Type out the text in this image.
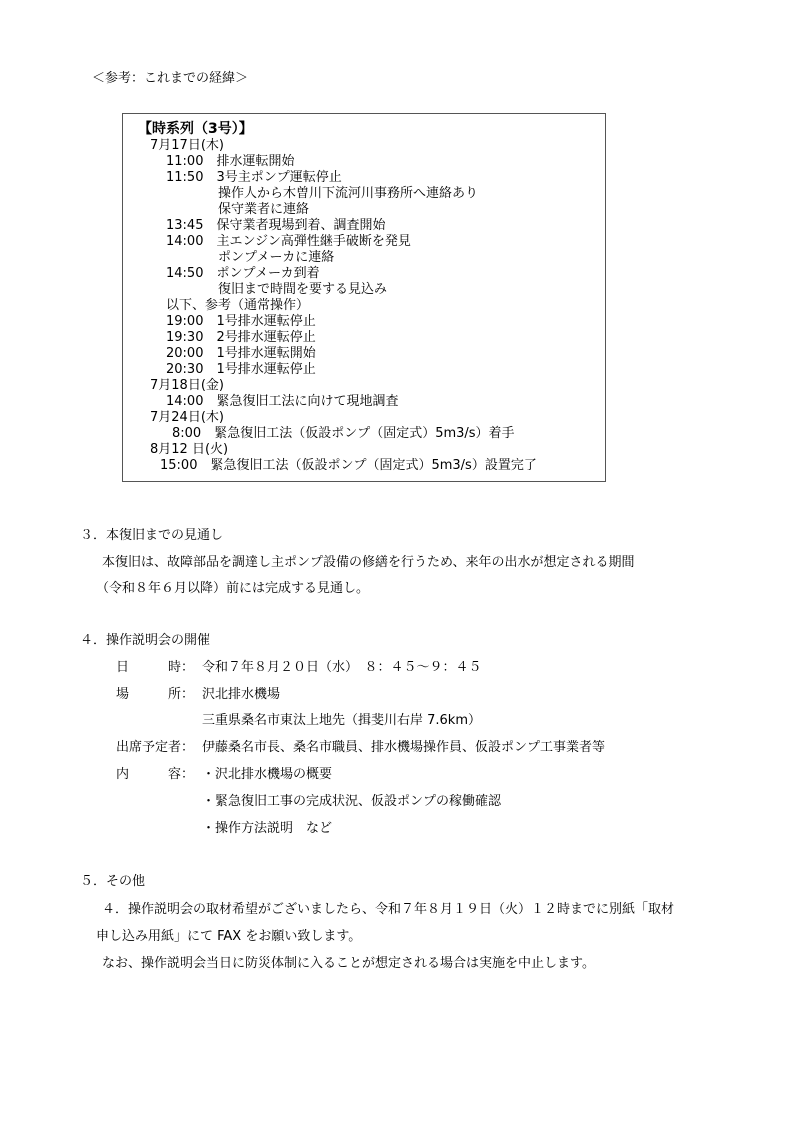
＜参考：これまでの経緯＞
【時系列（3号）】
7月17日(木)
11:00　排水運転開始
11:50　3号主ポンプ運転停止
操作人から木曽川下流河川事務所へ連絡あり
保守業者に連絡
13:45　保守業者現場到着、調査開始
14:00　主エンジン高弾性継手破断を発見
ポンプメーカに連絡
14:50　ポンプメーカ到着
復旧まで時間を要する見込み
以下、参考（通常操作）
19:00　1号排水運転停止
19:30　2号排水運転停止
20:00　1号排水運転開始
20:30　1号排水運転停止
7月18日(金)
14:00　緊急復旧工法に向けて現地調査
7月24日(木)
8:00　緊急復旧工法（仮設ポンプ（固定式）5m3/s）着手
8月12 日(火)
15:00　緊急復旧工法（仮設ポンプ（固定式）5m3/s）設置完了
３．本復旧までの見通し
本復旧は、故障部品を調達し主ポンプ設備の修繕を行うため、来年の出水が想定される期間
（令和８年６月以降）前には完成する見通し。
４．操作説明会の開催
日　　　時： 令和７年８月２０日（水）　８：４５～９：４５
場　　　所： 沢北排水機場
三重県桑名市東汰上地先（揖斐川右岸 7.6km）
出席予定者： 伊藤桑名市長、桑名市職員、排水機場操作員、仮設ポンプ工事業者等
内　　　容： ・沢北排水機場の概要
・緊急復旧工事の完成状況、仮設ポンプの稼働確認
・操作方法説明　など
５．その他
４．操作説明会の取材希望がございましたら、令和７年８月１９日（火）１２時までに別紙「取材
申し込み用紙」にて FAX をお願い致します。
なお、操作説明会当日に防災体制に入ることが想定される場合は実施を中止します。
